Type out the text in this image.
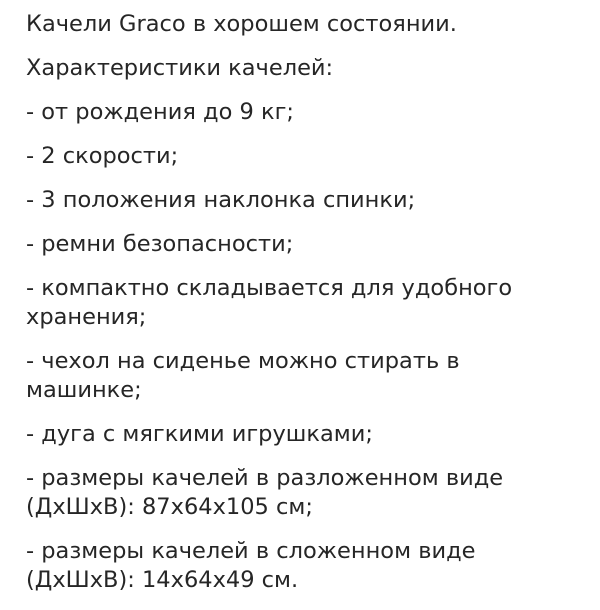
Качели Graco в хорошем состоянии.

Характеристики качелей:

- от рождения до 9 кг;

- 2 скорости;

- 3 положения наклонка спинки;

- ремни безопасности;

- компактно складывается для удобного хранения;

- чехол на сиденье можно стирать в машинке;

- дуга с мягкими игрушками;

- размеры качелей в разложенном виде (ДхШхВ): 87х64х105 см;

- размеры качелей в сложенном виде (ДхШхВ): 14х64х49 см.
